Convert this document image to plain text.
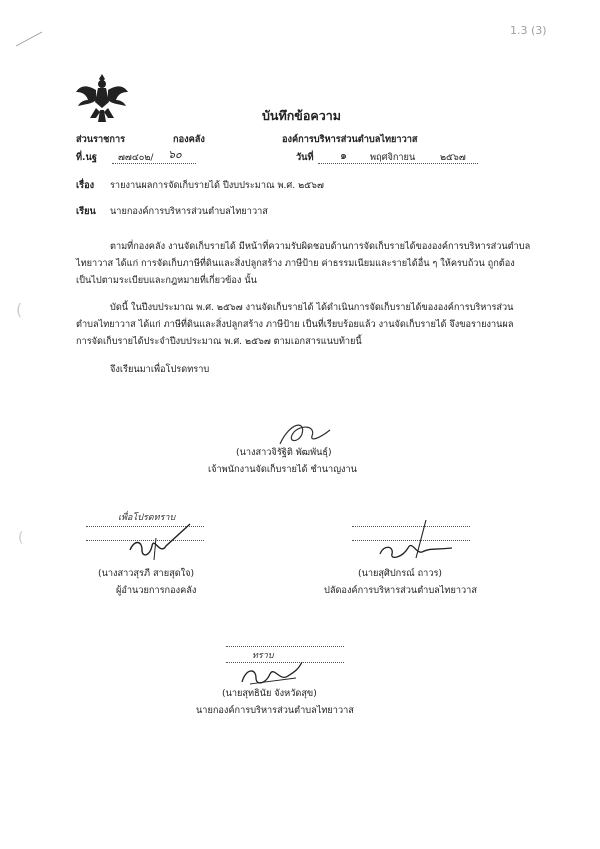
1.3 (3)
บันทึกข้อความ
ส่วนราชการ	กองคลัง	องค์การบริหารส่วนตำบลไทยาวาส
ที่.นฐ ๗๗๔๐๒/ ๖๐	วันที่ ๑	พฤศจิกายน	๒๕๖๗
เรื่อง รายงานผลการจัดเก็บรายได้ ปีงบประมาณ พ.ศ. ๒๕๖๗
เรียน นายกองค์การบริหารส่วนตำบลไทยาวาส
ตามที่กองคลัง งานจัดเก็บรายได้ มีหน้าที่ความรับผิดชอบด้านการจัดเก็บรายได้ขององค์การบริหารส่วนตำบล
ไทยาวาส ได้แก่ การจัดเก็บภาษีที่ดินและสิ่งปลูกสร้าง ภาษีป้าย ค่าธรรมเนียมและรายได้อื่น ๆ ให้ครบถ้วน ถูกต้อง
เป็นไปตามระเบียบและกฎหมายที่เกี่ยวข้อง นั้น
บัดนี้ ในปีงบประมาณ พ.ศ. ๒๕๖๗ งานจัดเก็บรายได้ ได้ดำเนินการจัดเก็บรายได้ขององค์การบริหารส่วน
ตำบลไทยาวาส ได้แก่ ภาษีที่ดินและสิ่งปลูกสร้าง ภาษีป้าย เป็นที่เรียบร้อยแล้ว งานจัดเก็บรายได้ จึงขอรายงานผล
การจัดเก็บรายได้ประจำปีงบประมาณ พ.ศ. ๒๕๖๗ ตามเอกสารแนบท้ายนี้
จึงเรียนมาเพื่อโปรดทราบ
(
(
(นางสาวจิรัฐิติ พัฒพันธุ์)
เจ้าพนักงานจัดเก็บรายได้ ชำนาญงาน
เพื่อโปรดทราบ
(นางสาวสุรภี สายสุดใจ)
ผู้อำนวยการกองคลัง
(นายสุศิปกรณ์ ถาวร)
ปลัดองค์การบริหารส่วนตำบลไทยาวาส
ทราบ
(นายสุทธินัย จังหวัดสุข)
นายกองค์การบริหารส่วนตำบลไทยาวาส
